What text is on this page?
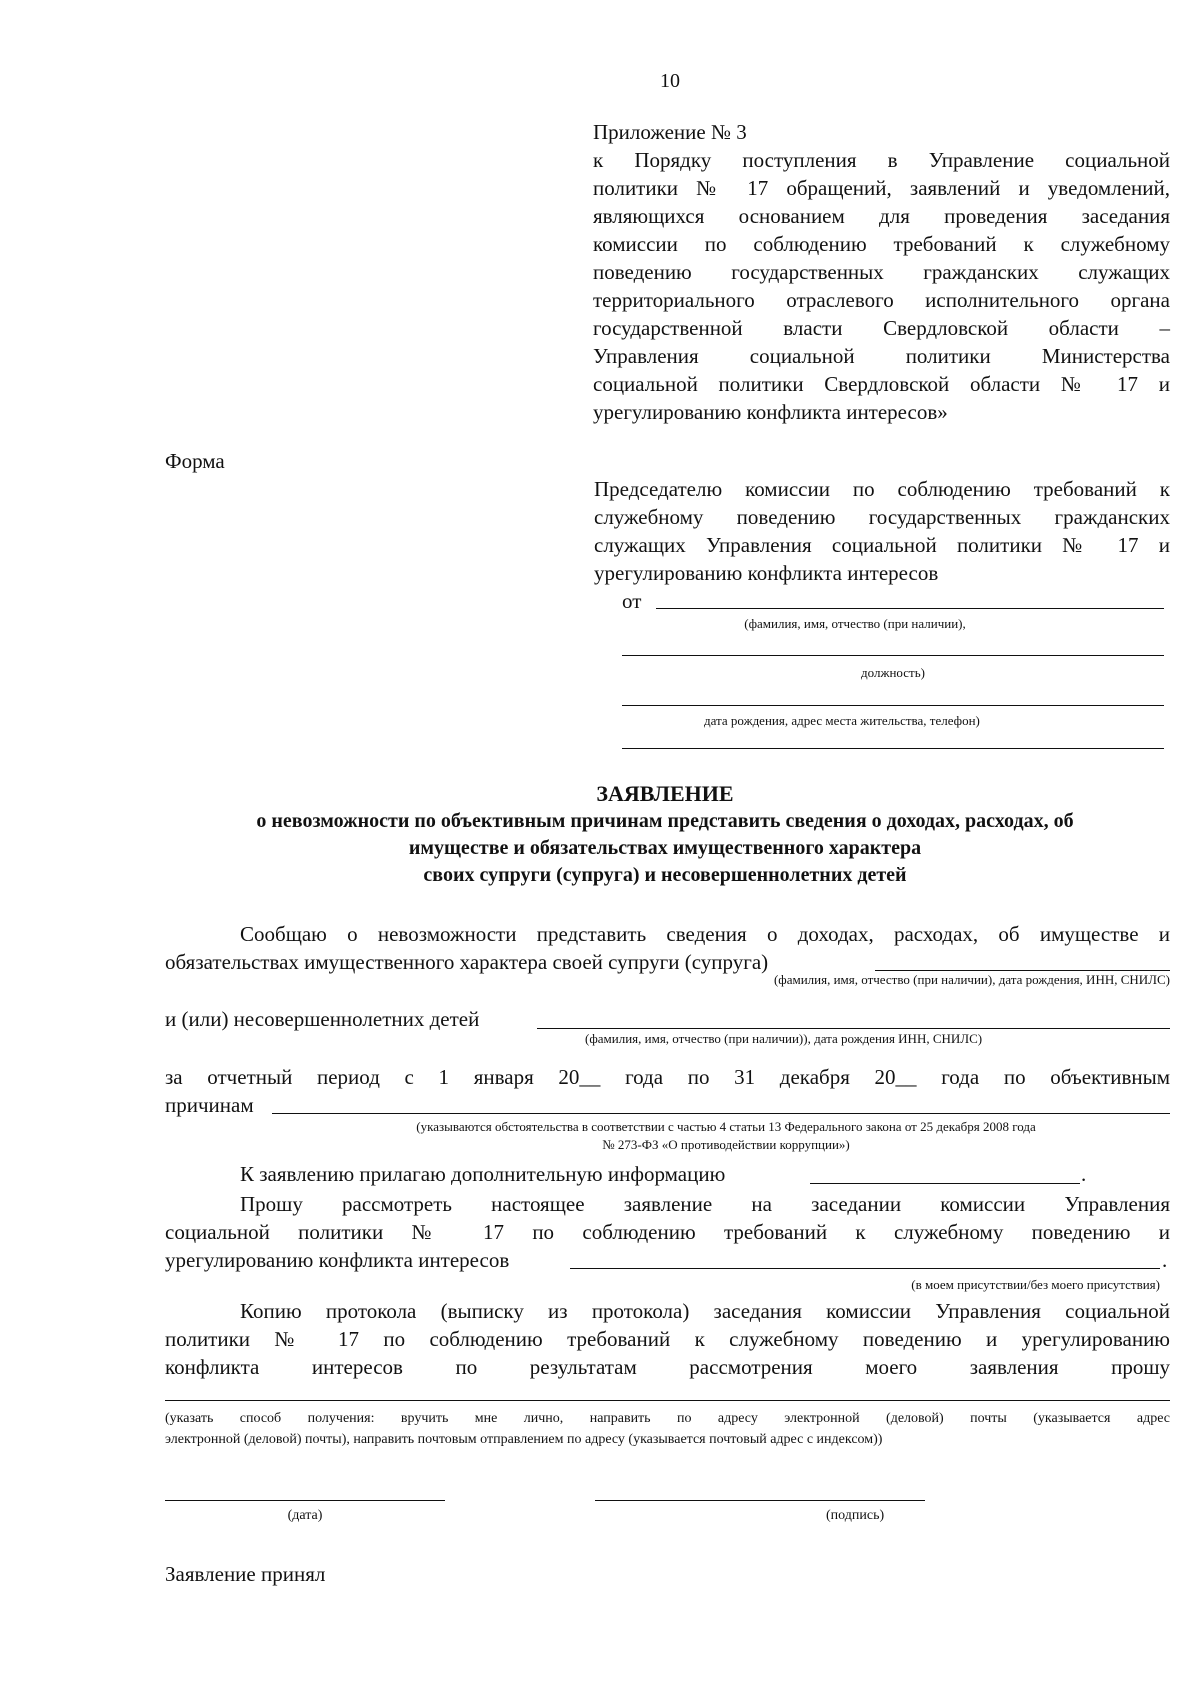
10
Приложение № 3
к Порядку поступления в Управление социальной
политики № 17 обращений, заявлений и уведомлений,
являющихся основанием для проведения заседания
комиссии по соблюдению требований к служебному
поведению государственных гражданских служащих
территориального отраслевого исполнительного органа
государственной власти Свердловской области –
Управления социальной политики Министерства
социальной политики Свердловской области № 17 и
урегулированию конфликта интересов»
Форма
Председателю комиссии по соблюдению требований к
служебному поведению государственных гражданских
служащих Управления социальной политики № 17 и
урегулированию конфликта интересов
от
(фамилия, имя, отчество (при наличии),
должность)
дата рождения, адрес места жительства, телефон)
ЗАЯВЛЕНИЕ
о невозможности по объективным причинам представить сведения о доходах, расходах, об
имуществе и обязательствах имущественного характера
своих супруги (супруга) и несовершеннолетних детей
Сообщаю о невозможности представить сведения о доходах, расходах, об имуществе и
обязательствах имущественного характера своей супруги (супруга)
(фамилия, имя, отчество (при наличии), дата рождения, ИНН, СНИЛС)
и (или) несовершеннолетних детей
(фамилия, имя, отчество (при наличии)), дата рождения ИНН, СНИЛС)
за отчетный период с 1 января 20__ года по 31 декабря 20__ года по объективным
причинам
(указываются обстоятельства в соответствии с частью 4 статьи 13 Федерального закона от 25 декабря 2008 года
№ 273-ФЗ «О противодействии коррупции»)
К заявлению прилагаю дополнительную информацию	.
Прошу рассмотреть настоящее заявление на заседании комиссии Управления
социальной политики № 17 по соблюдению требований к служебному поведению и
урегулированию конфликта интересов	.
(в моем присутствии/без моего присутствия)
Копию протокола (выписку из протокола) заседания комиссии Управления социальной
политики № 17 по соблюдению требований к служебному поведению и урегулированию
конфликта интересов по результатам рассмотрения моего заявления прошу
(указать способ получения: вручить мне лично, направить по адресу электронной (деловой) почты (указывается адрес
электронной (деловой) почты), направить почтовым отправлением по адресу (указывается почтовый адрес с индексом))
(дата)	(подпись)
Заявление принял
